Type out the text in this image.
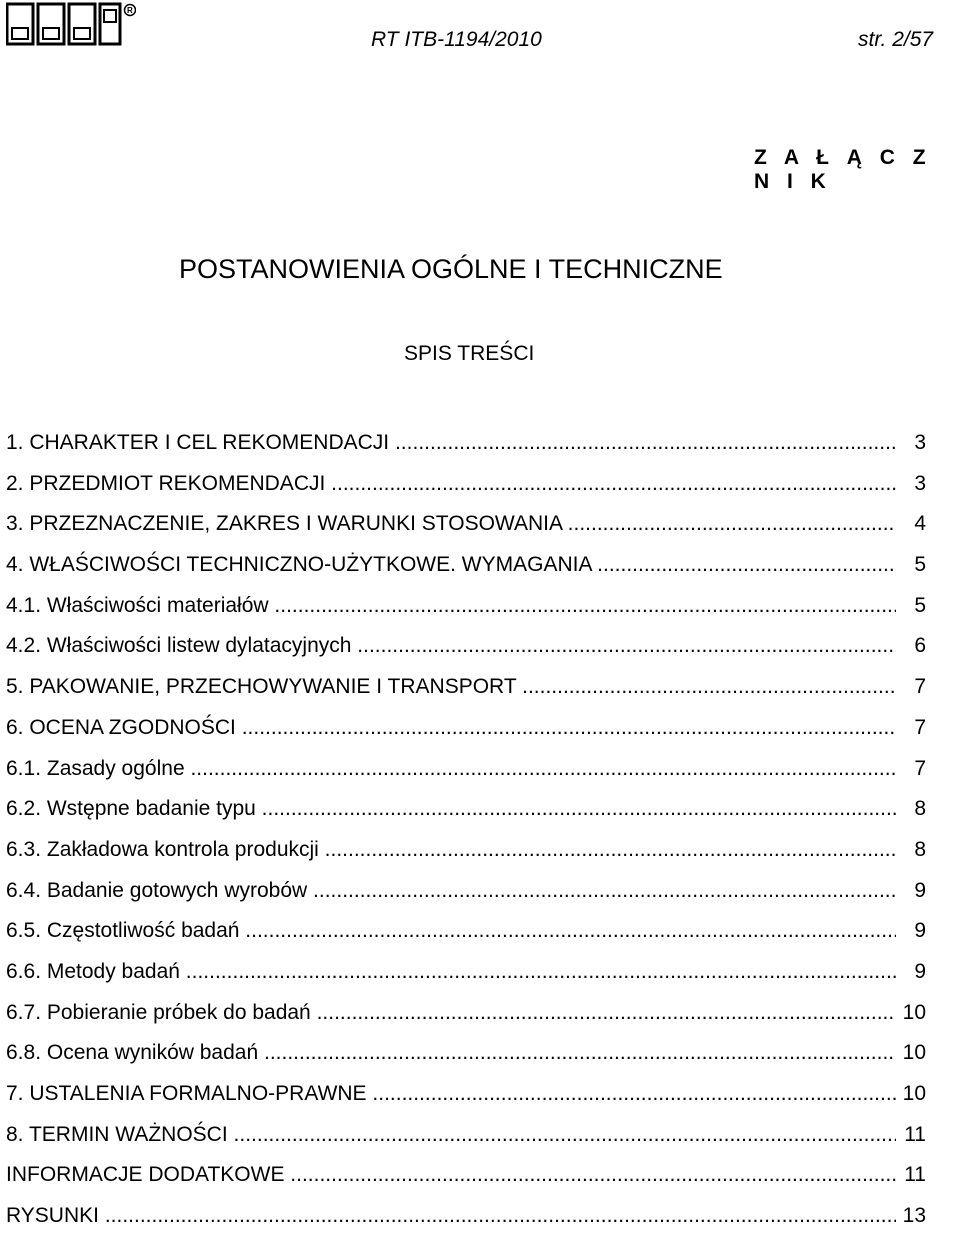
R
RT ITB-1194/2010	str. 2/57
Z A Ł Ą C Z N I K
POSTANOWIENIA OGÓLNE I TECHNICZNE
SPIS TREŚCI
1. CHARAKTER I CEL REKOMENDACJI .....	3
2. PRZEDMIOT REKOMENDACJI .....	3
3. PRZEZNACZENIE, ZAKRES I WARUNKI STOSOWANIA .....	4
4. WŁAŚCIWOŚCI TECHNICZNO-UŻYTKOWE. WYMAGANIA .....	5
4.1. Właściwości materiałów .....	5
4.2. Właściwości listew dylatacyjnych .....	6
5. PAKOWANIE, PRZECHOWYWANIE I TRANSPORT .....	7
6. OCENA ZGODNOŚCI .....	7
6.1. Zasady ogólne .....	7
6.2. Wstępne badanie typu .....	8
6.3. Zakładowa kontrola produkcji .....	8
6.4. Badanie gotowych wyrobów .....	9
6.5. Częstotliwość badań .....	9
6.6. Metody badań .....	9
6.7. Pobieranie próbek do badań .....	10
6.8. Ocena wyników badań .....	10
7. USTALENIA FORMALNO-PRAWNE .....	10
8. TERMIN WAŻNOŚCI .....	11
INFORMACJE DODATKOWE .....	11
RYSUNKI .....	13
